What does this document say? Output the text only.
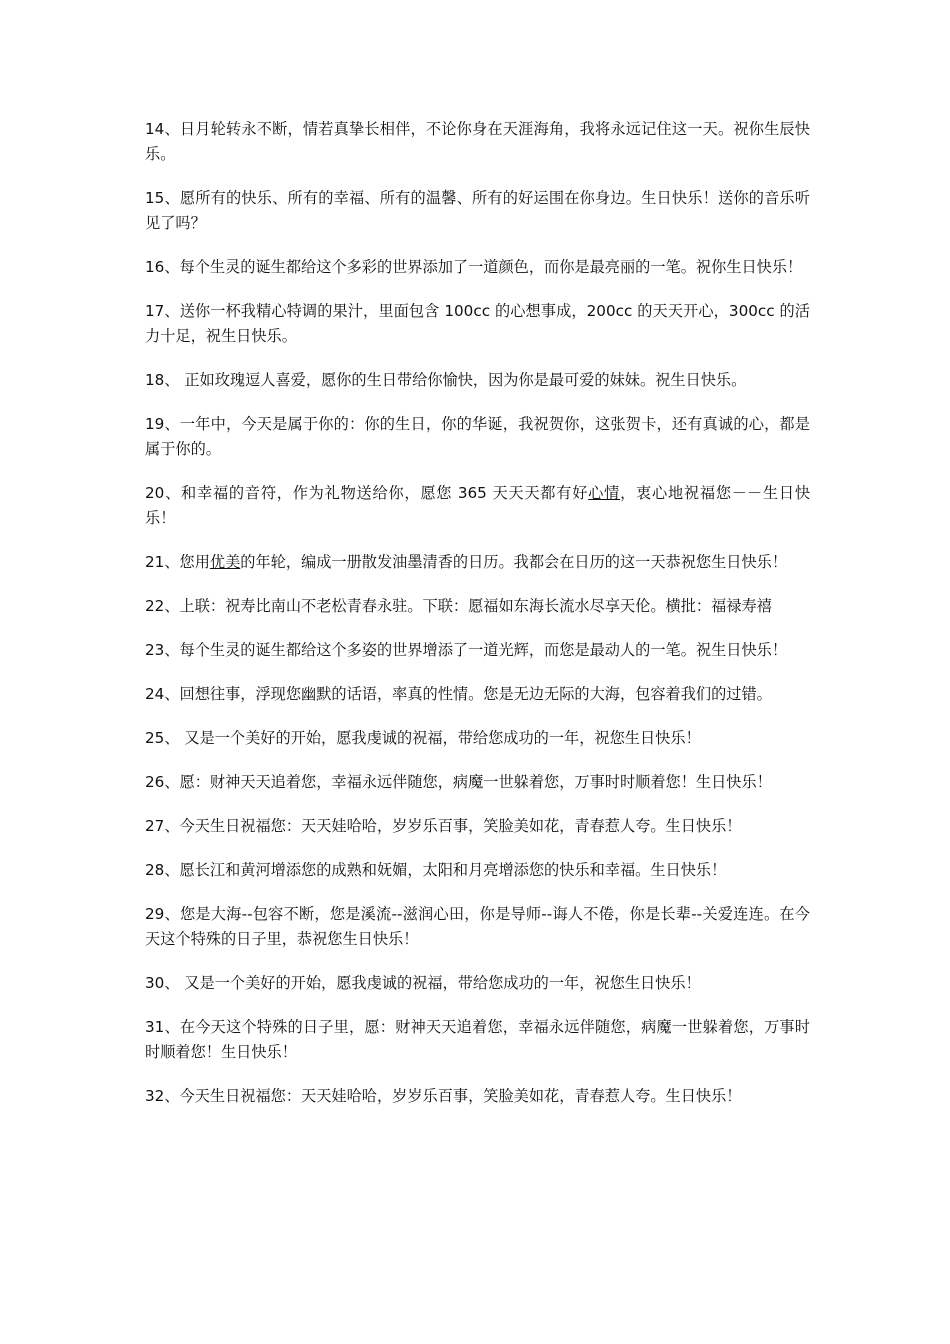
14、日月轮转永不断，情若真挚长相伴，不论你身在天涯海角，我将永远记住这一天。祝你生辰快乐。

15、愿所有的快乐、所有的幸福、所有的温馨、所有的好运围在你身边。生日快乐！送你的音乐听见了吗？

16、每个生灵的诞生都给这个多彩的世界添加了一道颜色，而你是最亮丽的一笔。祝你生日快乐！

17、送你一杯我精心特调的果汁，里面包含 100cc 的心想事成，200cc 的天天开心，300cc 的活力十足，祝生日快乐。

18、 正如玫瑰逗人喜爱，愿你的生日带给你愉快，因为你是最可爱的妹妹。祝生日快乐。

19、一年中，今天是属于你的：你的生日，你的华诞，我祝贺你，这张贺卡，还有真诚的心，都是属于你的。

20、和幸福的音符，作为礼物送给你，愿您 365 天天天都有好心情，衷心地祝福您－－生日快乐！

21、您用优美的年轮，编成一册散发油墨清香的日历。我都会在日历的这一天恭祝您生日快乐！

22、上联：祝寿比南山不老松青春永驻。下联：愿福如东海长流水尽享天伦。横批：福禄寿禧

23、每个生灵的诞生都给这个多姿的世界增添了一道光辉，而您是最动人的一笔。祝生日快乐！

24、回想往事，浮现您幽默的话语，率真的性情。您是无边无际的大海，包容着我们的过错。

25、 又是一个美好的开始，愿我虔诚的祝福，带给您成功的一年，祝您生日快乐！

26、愿：财神天天追着您，幸福永远伴随您，病魔一世躲着您，万事时时顺着您！生日快乐！

27、今天生日祝福您：天天娃哈哈，岁岁乐百事，笑脸美如花，青春惹人夸。生日快乐！

28、愿长江和黄河增添您的成熟和妩媚，太阳和月亮增添您的快乐和幸福。生日快乐！

29、您是大海--包容不断，您是溪流--滋润心田，你是导师--诲人不倦，你是长辈--关爱连连。在今天这个特殊的日子里，恭祝您生日快乐！

30、 又是一个美好的开始，愿我虔诚的祝福，带给您成功的一年，祝您生日快乐！

31、在今天这个特殊的日子里，愿：财神天天追着您，幸福永远伴随您，病魔一世躲着您，万事时时顺着您！生日快乐！

32、今天生日祝福您：天天娃哈哈，岁岁乐百事，笑脸美如花，青春惹人夸。生日快乐！
